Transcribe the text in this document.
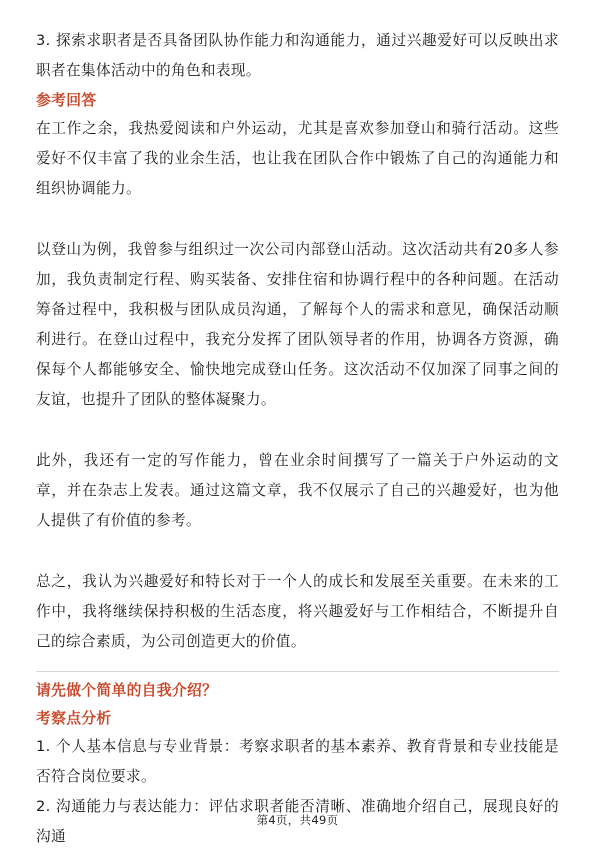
3. 探索求职者是否具备团队协作能力和沟通能力，通过兴趣爱好可以反映出求职者在集体活动中的角色和表现。

参考回答

在工作之余，我热爱阅读和户外运动，尤其是喜欢参加登山和骑行活动。这些爱好不仅丰富了我的业余生活，也让我在团队合作中锻炼了自己的沟通能力和组织协调能力。

以登山为例，我曾参与组织过一次公司内部登山活动。这次活动共有20多人参加，我负责制定行程、购买装备、安排住宿和协调行程中的各种问题。在活动筹备过程中，我积极与团队成员沟通，了解每个人的需求和意见，确保活动顺利进行。在登山过程中，我充分发挥了团队领导者的作用，协调各方资源，确保每个人都能够安全、愉快地完成登山任务。这次活动不仅加深了同事之间的友谊，也提升了团队的整体凝聚力。

此外，我还有一定的写作能力，曾在业余时间撰写了一篇关于户外运动的文章，并在杂志上发表。通过这篇文章，我不仅展示了自己的兴趣爱好，也为他人提供了有价值的参考。

总之，我认为兴趣爱好和特长对于一个人的成长和发展至关重要。在未来的工作中，我将继续保持积极的生活态度，将兴趣爱好与工作相结合，不断提升自己的综合素质，为公司创造更大的价值。

请先做个简单的自我介绍？

考察点分析

1. 个人基本信息与专业背景：考察求职者的基本素养、教育背景和专业技能是否符合岗位要求。

2. 沟通能力与表达能力：评估求职者能否清晰、准确地介绍自己，展现良好的沟通

第4页，共49页
